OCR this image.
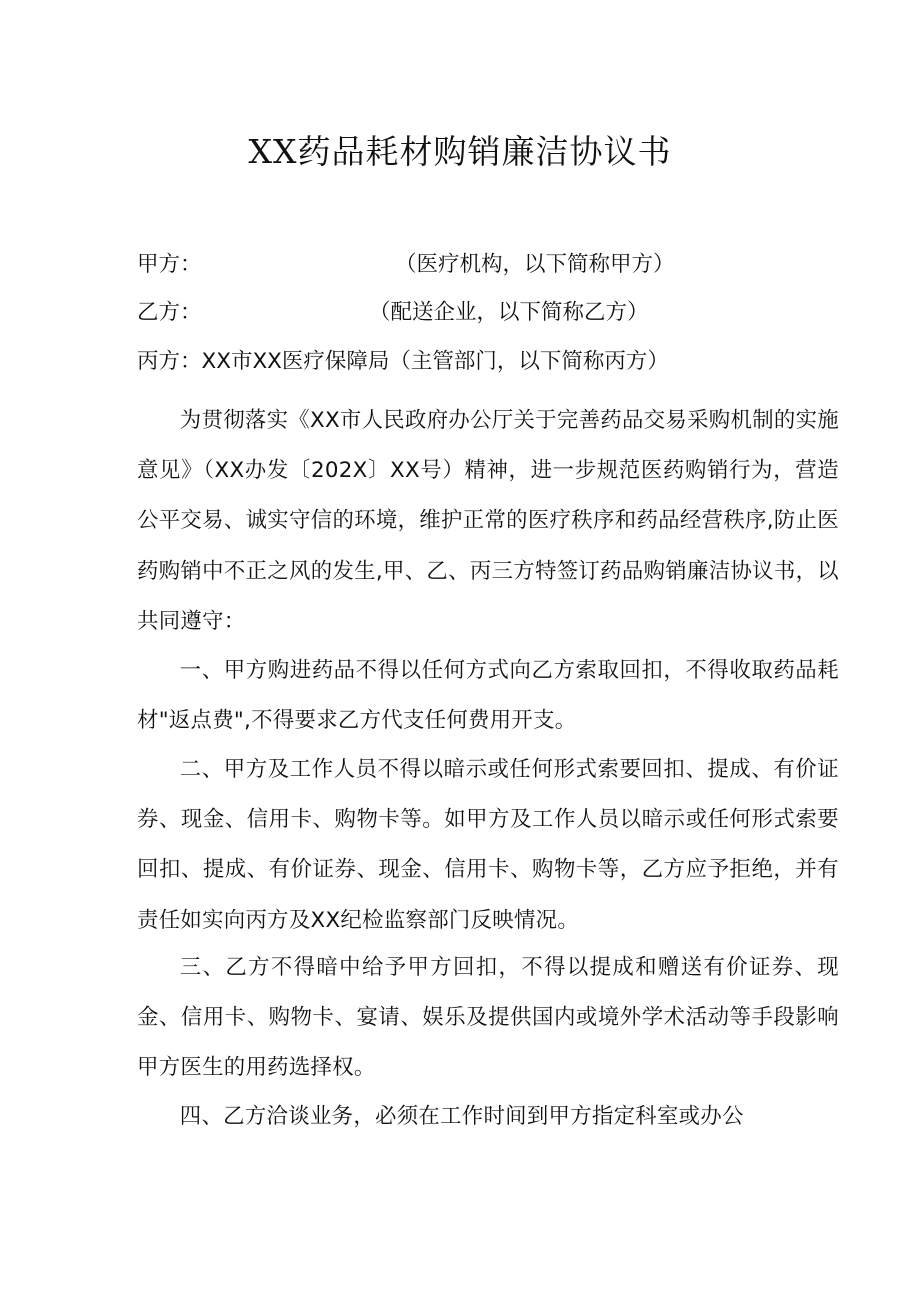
XX药品耗材购销廉洁协议书
甲方：	（医疗机构，以下简称甲方）
乙方：	（配送企业，以下简称乙方）
丙方：XX市XX医疗保障局（主管部门，以下简称丙方）

为贯彻落实《XX市人民政府办公厅关于完善药品交易采购机制的实施意见》（XX办发〔202X〕XX号）精神，进一步规范医药购销行为，营造公平交易、诚实守信的环境，维护正常的医疗秩序和药品经营秩序,防止医药购销中不正之风的发生,甲、乙、丙三方特签订药品购销廉洁协议书，以共同遵守：

一、甲方购进药品不得以任何方式向乙方索取回扣，不得收取药品耗材"返点费",不得要求乙方代支任何费用开支。

二、甲方及工作人员不得以暗示或任何形式索要回扣、提成、有价证券、现金、信用卡、购物卡等。如甲方及工作人员以暗示或任何形式索要回扣、提成、有价证券、现金、信用卡、购物卡等，乙方应予拒绝，并有责任如实向丙方及XX纪检监察部门反映情况。

三、乙方不得暗中给予甲方回扣，不得以提成和赠送有价证券、现金、信用卡、购物卡、宴请、娱乐及提供国内或境外学术活动等手段影响甲方医生的用药选择权。

四、乙方洽谈业务，必须在工作时间到甲方指定科室或办公
